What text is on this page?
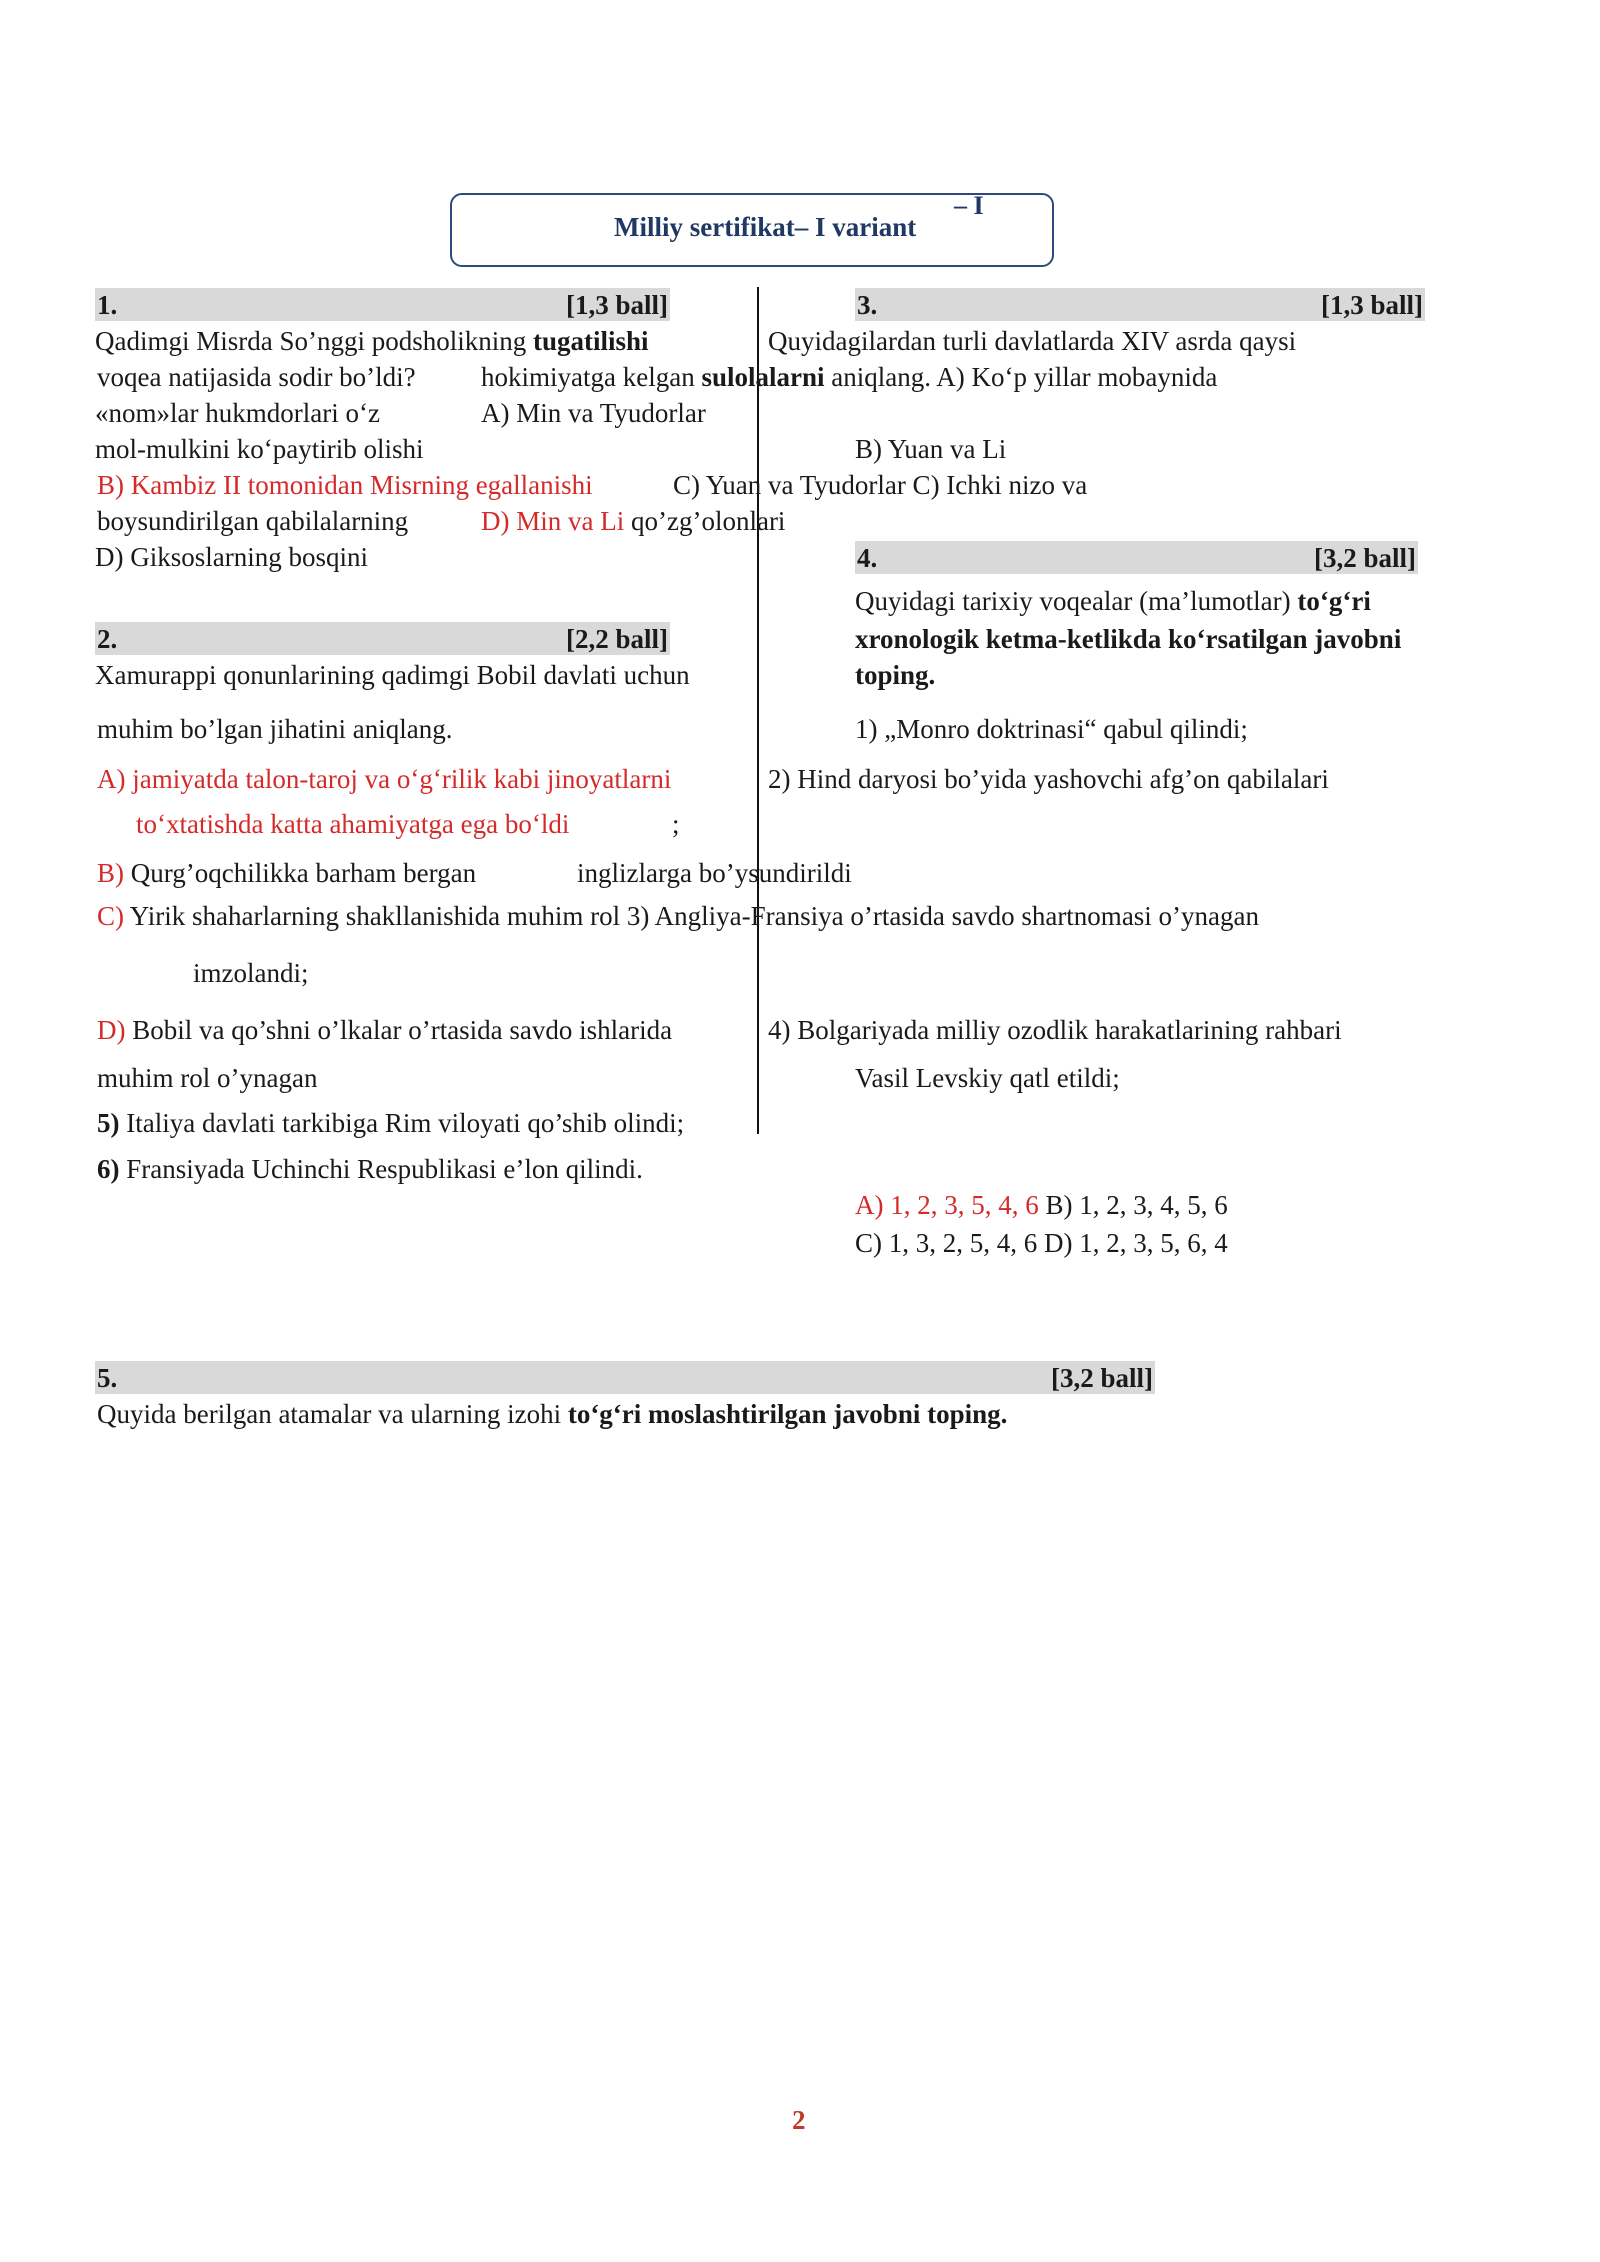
Milliy sertifikat– I variant
– I
1.	[1,3 ball]	3.	[1,3 ball]
Qadimgi Misrda So’nggi podsholikning tugatilishi	Quyidagilardan turli davlatlarda XIV asrda qaysi
voqea natijasida sodir bo’ldi? hokimiyatga kelgan sulolalarni aniqlang. A) Ko‘p yillar mobaynida
«nom»lar hukmdorlari o‘z	A) Min va Tyudorlar
mol-mulkini ko‘paytirib olishi	B) Yuan va Li
B) Kambiz II tomonidan Misrning egallanishi	C) Yuan va Tyudorlar C) Ichki nizo va
boysundirilgan qabilalarning	D) Min va Li qo’zg’olonlari
D) Giksoslarning bosqini	4.	[3,2 ball]
Quyidagi tarixiy voqealar (ma’lumotlar) to‘g‘ri
xronologik ketma-ketlikda ko‘rsatilgan javobni
toping.
2.	[2,2 ball]
Xamurappi qonunlarining qadimgi Bobil davlati uchun
muhim bo’lgan jihatini aniqlang.	1) „Monro doktrinasi“ qabul qilindi;
A) jamiyatda talon-taroj va o‘g‘rilik kabi jinoyatlarni	2) Hind daryosi bo’yida yashovchi afg’on qabilalari
to‘xtatishda katta ahamiyatga ega bo‘ldi	;
B) Qurg’oqchilikka barham bergan	inglizlarga bo’ysundirildi
C) Yirik shaharlarning shakllanishida muhim rol 3) Angliya-Fransiya o’rtasida savdo shartnomasi o’ynagan
imzolandi;
D) Bobil va qo’shni o’lkalar o’rtasida savdo ishlarida	4) Bolgariyada milliy ozodlik harakatlarining rahbari
muhim rol o’ynagan	Vasil Levskiy qatl etildi;
5) Italiya davlati tarkibiga Rim viloyati qo’shib olindi;
6) Fransiyada Uchinchi Respublikasi e’lon qilindi.
A) 1, 2, 3, 5, 4, 6 B) 1, 2, 3, 4, 5, 6
C) 1, 3, 2, 5, 4, 6 D) 1, 2, 3, 5, 6, 4
5.	[3,2 ball]
Quyida berilgan atamalar va ularning izohi to‘g‘ri moslashtirilgan javobni toping.
2
